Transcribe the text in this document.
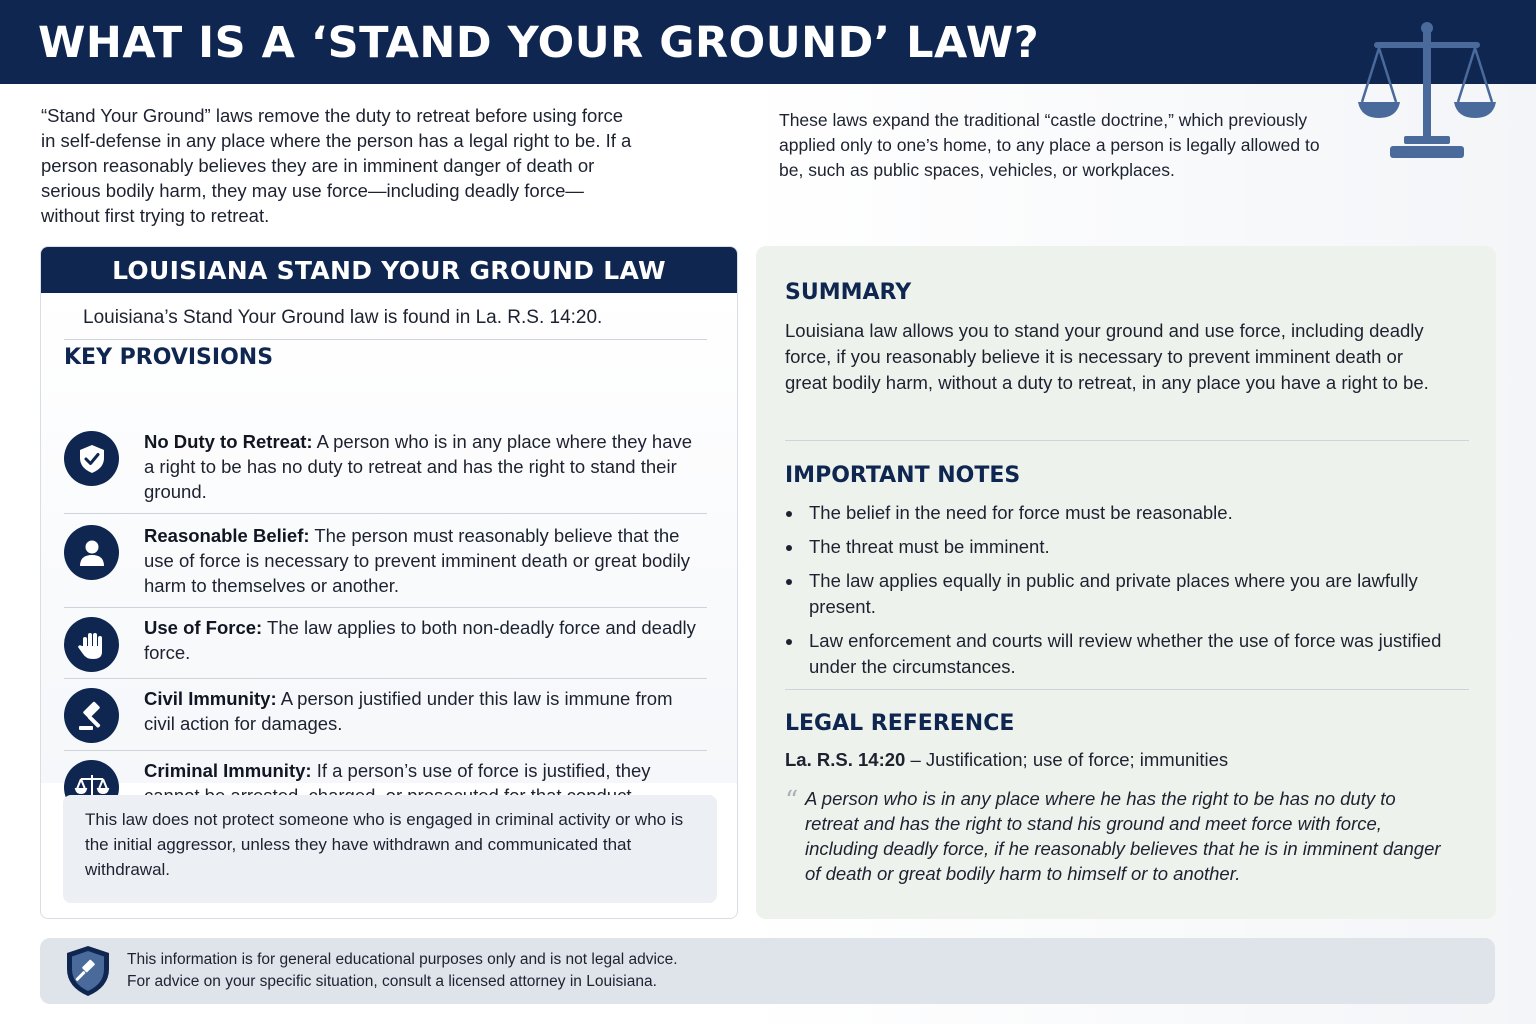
WHAT IS A ‘STAND YOUR GROUND’ LAW?

“Stand Your Ground” laws remove the duty to retreat before using force in self-defense in any place where the person has a legal right to be. If a person reasonably believes they are in imminent danger of death or serious bodily harm, they may use force—including deadly force—without first trying to retreat.

These laws expand the traditional “castle doctrine,” which previously applied only to one’s home, to any place a person is legally allowed to be, such as public spaces, vehicles, or workplaces.

LOUISIANA STAND YOUR GROUND LAW
Louisiana’s Stand Your Ground law is found in La. R.S. 14:20.
KEY PROVISIONS

No Duty to Retreat: A person who is in any place where they have a right to be has no duty to retreat and has the right to stand their ground.

Reasonable Belief: The person must reasonably believe that the use of force is necessary to prevent imminent death or great bodily harm to themselves or another.

Use of Force: The law applies to both non-deadly force and deadly force.

Civil Immunity: A person justified under this law is immune from civil action for damages.

Criminal Immunity: If a person’s use of force is justified, they

This law does not protect someone who is engaged in criminal activity or who is the initial aggressor, unless they have withdrawn and communicated that withdrawal.
SUMMARY

Louisiana law allows you to stand your ground and use force, including deadly force, if you reasonably believe it is necessary to prevent imminent death or great bodily harm, without a duty to retreat, in any place you have a right to be.

IMPORTANT NOTES
The belief in the need for force must be reasonable.
The threat must be imminent.
The law applies equally in public and private places where you are lawfully present.
Law enforcement and courts will review whether the use of force was justified under the circumstances.
LEGAL REFERENCE
La. R.S. 14:20 – Justification; use of force; immunities
“ A person who is in any place where he has the right to be has no duty to retreat and has the right to stand his ground and meet force with force, including deadly force, if he reasonably believes that he is in imminent danger of death or great bodily harm to himself or to another.

This information is for general educational purposes only and is not legal advice.
For advice on your specific situation, consult a licensed attorney in Louisiana.
